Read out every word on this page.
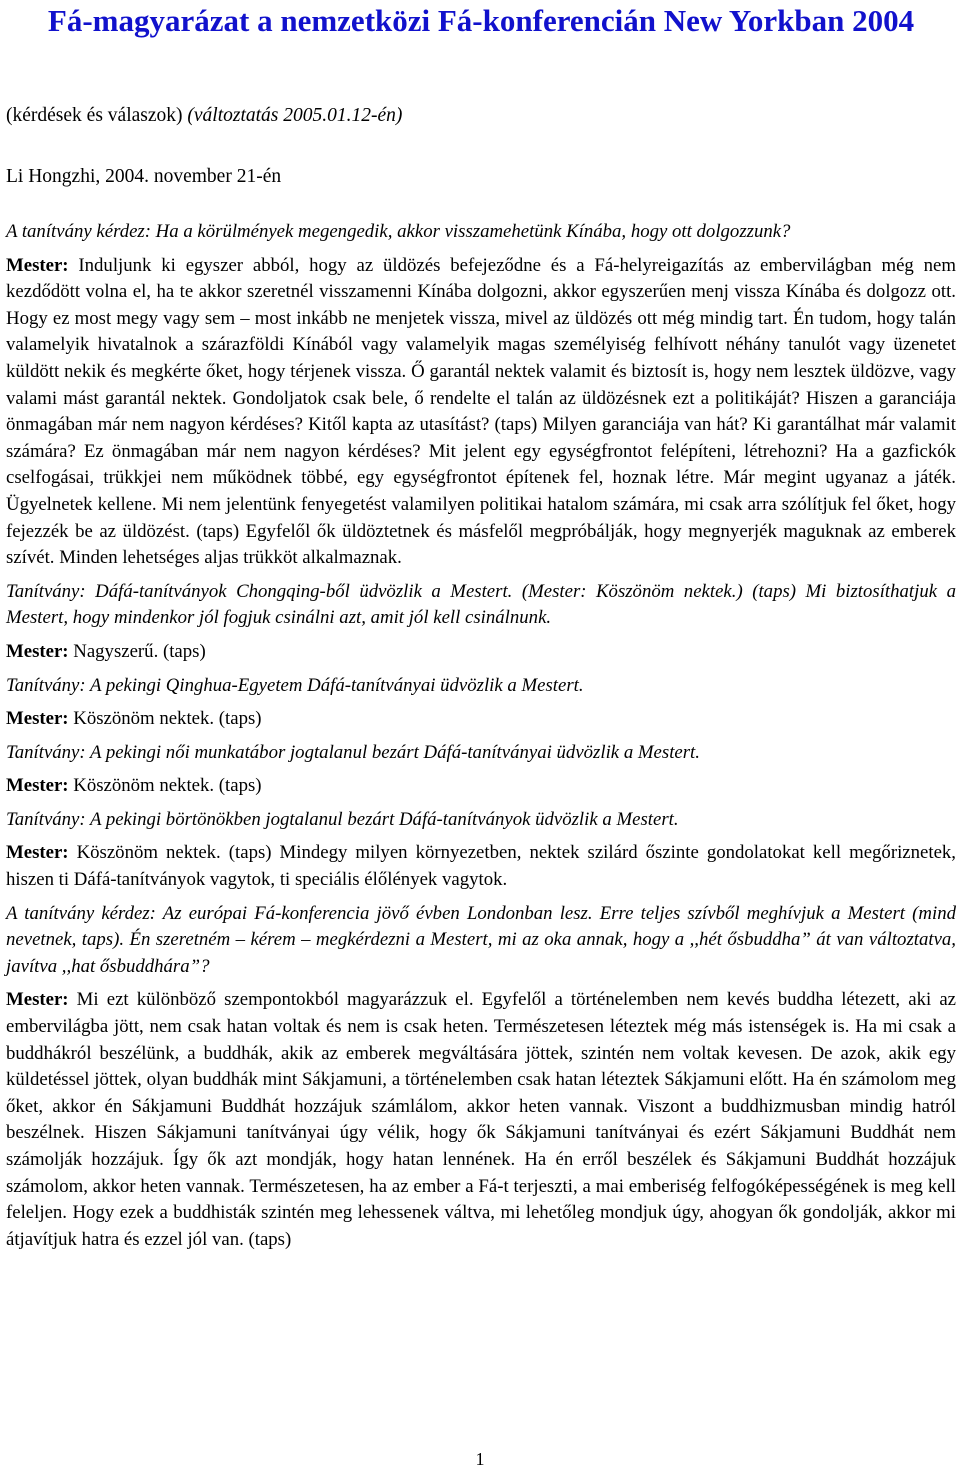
Fá-magyarázat a nemzetközi Fá-konferencián New Yorkban 2004

(kérdések és válaszok) (változtatás 2005.01.12-én)

Li Hongzhi, 2004. november 21-én

A tanítvány kérdez: Ha a körülmények megengedik, akkor visszamehetünk Kínába, hogy ott dolgozzunk?

Mester: Induljunk ki egyszer abból, hogy az üldözés befejeződne és a Fá-helyreigazítás az embervilágban még nem kezdődött volna el, ha te akkor szeretnél visszamenni Kínába dolgozni, akkor egyszerűen menj vissza Kínába és dolgozz ott. Hogy ez most megy vagy sem – most inkább ne menjetek vissza, mivel az üldözés ott még mindig tart. Én tudom, hogy talán valamelyik hivatalnok a szárazföldi Kínából vagy valamelyik magas személyiség felhívott néhány tanulót vagy üzenetet küldött nekik és megkérte őket, hogy térjenek vissza. Ő garantál nektek valamit és biztosít is, hogy nem lesztek üldözve, vagy valami mást garantál nektek. Gondoljatok csak bele, ő rendelte el talán az üldözésnek ezt a politikáját? Hiszen a garanciája önmagában már nem nagyon kérdéses? Kitől kapta az utasítást? (taps) Milyen garanciája van hát? Ki garantálhat már valamit számára? Ez önmagában már nem nagyon kérdéses? Mit jelent egy egységfrontot felépíteni, létrehozni? Ha a gazfickók cselfogásai, trükkjei nem működnek többé, egy egységfrontot építenek fel, hoznak létre. Már megint ugyanaz a játék. Ügyelnetek kellene. Mi nem jelentünk fenyegetést valamilyen politikai hatalom számára, mi csak arra szólítjuk fel őket, hogy fejezzék be az üldözést. (taps) Egyfelől ők üldöztetnek és másfelől megpróbálják, hogy megnyerjék maguknak az emberek szívét. Minden lehetséges aljas trükköt alkalmaznak.

Tanítvány: Dáfá-tanítványok Chongqing-ből üdvözlik a Mestert. (Mester: Köszönöm nektek.) (taps) Mi biztosíthatjuk a Mestert, hogy mindenkor jól fogjuk csinálni azt, amit jól kell csinálnunk.

Mester: Nagyszerű. (taps)

Tanítvány: A pekingi Qinghua-Egyetem Dáfá-tanítványai üdvözlik a Mestert.

Mester: Köszönöm nektek. (taps)

Tanítvány: A pekingi női munkatábor jogtalanul bezárt Dáfá-tanítványai üdvözlik a Mestert.

Mester: Köszönöm nektek. (taps)

Tanítvány: A pekingi börtönökben jogtalanul bezárt Dáfá-tanítványok üdvözlik a Mestert.

Mester: Köszönöm nektek. (taps) Mindegy milyen környezetben, nektek szilárd őszinte gondolatokat kell megőriznetek, hiszen ti Dáfá-tanítványok vagytok, ti speciális élőlények vagytok.

A tanítvány kérdez: Az európai Fá-konferencia jövő évben Londonban lesz. Erre teljes szívből meghívjuk a Mestert (mind nevetnek, taps). Én szeretném – kérem – megkérdezni a Mestert, mi az oka annak, hogy a ,,hét ősbuddha” át van változtatva, javítva ,,hat ősbuddhára”?

Mester: Mi ezt különböző szempontokból magyarázzuk el. Egyfelől a történelemben nem kevés buddha létezett, aki az embervilágba jött, nem csak hatan voltak és nem is csak heten. Természetesen léteztek még más istenségek is. Ha mi csak a buddhákról beszélünk, a buddhák, akik az emberek megváltására jöttek, szintén nem voltak kevesen. De azok, akik egy küldetéssel jöttek, olyan buddhák mint Sákjamuni, a történelemben csak hatan léteztek Sákjamuni előtt. Ha én számolom meg őket, akkor én Sákjamuni Buddhát hozzájuk számlálom, akkor heten vannak. Viszont a buddhizmusban mindig hatról beszélnek. Hiszen Sákjamuni tanítványai úgy vélik, hogy ők Sákjamuni tanítványai és ezért Sákjamuni Buddhát nem számolják hozzájuk. Így ők azt mondják, hogy hatan lennének. Ha én erről beszélek és Sákjamuni Buddhát hozzájuk számolom, akkor heten vannak. Természetesen, ha az ember a Fá-t terjeszti, a mai emberiség felfogóképességének is meg kell feleljen. Hogy ezek a buddhisták szintén meg lehessenek váltva, mi lehetőleg mondjuk úgy, ahogyan ők gondolják, akkor mi átjavítjuk hatra és ezzel jól van. (taps)

1
